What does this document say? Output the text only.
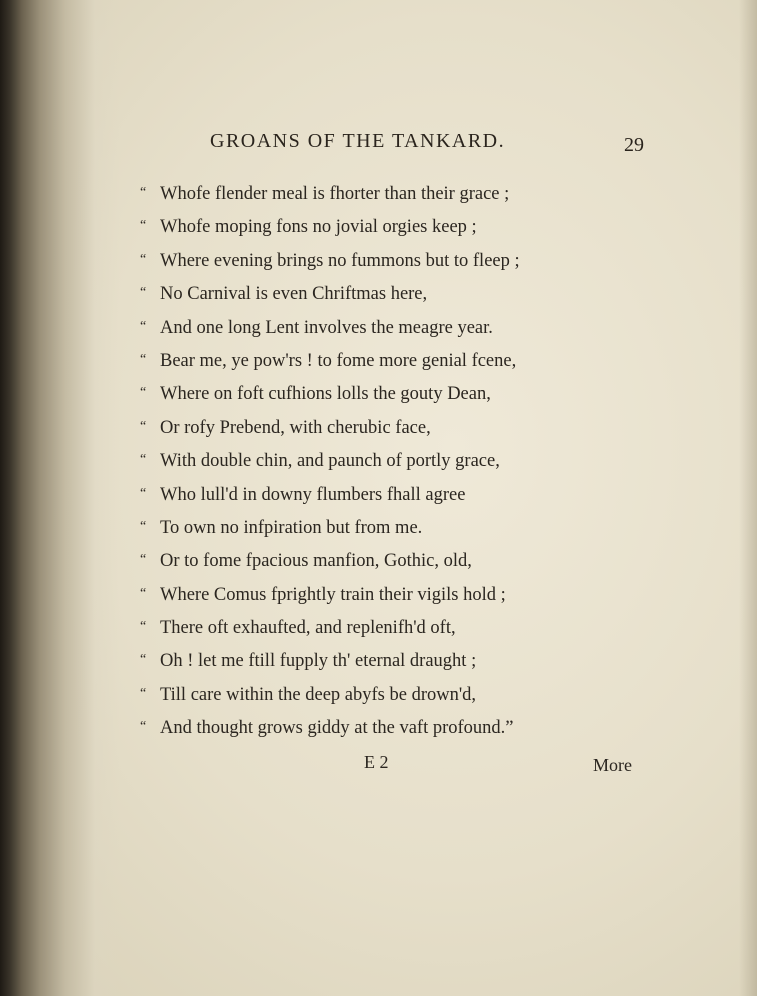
GROANS OF THE TANKARD.	29
“ Whofe flender meal is fhorter than their grace ;
“ Whofe moping fons no jovial orgies keep ;
“ Where evening brings no fummons but to fleep ;
“ No Carnival is even Chriftmas here,
“ And one long Lent involves the meagre year.
“ Bear me, ye pow'rs ! to fome more genial fcene,
“ Where on foft cufhions lolls the gouty Dean,
“ Or rofy Prebend, with cherubic face,
“ With double chin, and paunch of portly grace,
“ Who lull'd in downy flumbers fhall agree
“ To own no infpiration but from me.
“ Or to fome fpacious manfion, Gothic, old,
“ Where Comus fprightly train their vigils hold ;
“ There oft exhaufted, and replenifh'd oft,
“ Oh ! let me ftill fupply th' eternal draught ;
“ Till care within the deep abyfs be drown'd,
“ And thought grows giddy at the vaft profound.”
E 2	More
